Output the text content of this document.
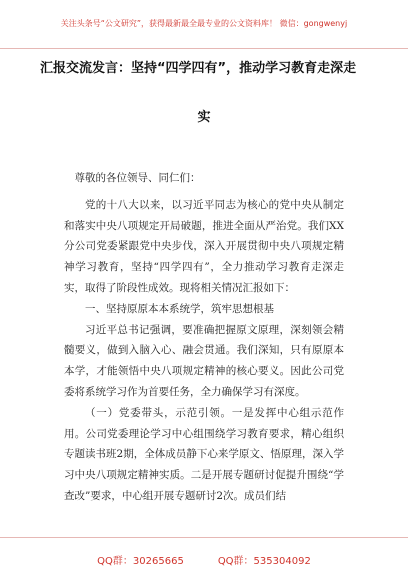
关注头条号“公文研究”，获得最新最全最专业的公文资料库！ 微信：gongwenyj
汇报交流发言：坚持“四学四有”，推动学习教育走深走
实

尊敬的各位领导、同仁们：

党的十八大以来，以习近平同志为核心的党中央从制定和落实中央八项规定开局破题，推进全面从严治党。我们XX分公司党委紧跟党中央步伐，深入开展贯彻中央八项规定精神学习教育，坚持“四学四有”，全力推动学习教育走深走实，取得了阶段性成效。现将相关情况汇报如下：

一、坚持原原本本系统学，筑牢思想根基

习近平总书记强调，要准确把握原文原理，深刻领会精髓要义，做到入脑入心、融会贯通。我们深知，只有原原本本学，才能领悟中央八项规定精神的核心要义。因此公司党委将系统学习作为首要任务，全力确保学习有深度。

（一）党委带头，示范引领。一是发挥中心组示范作用。公司党委理论学习中心组围绕学习教育要求，精心组织专题读书班2期，全体成员静下心来学原文、悟原理，深入学习中央八项规定精神实质。二是开展专题研讨促提升围绕“学查改”要求，中心组开展专题研讨2次。成员们结

QQ群：30265665	QQ群：535304092
